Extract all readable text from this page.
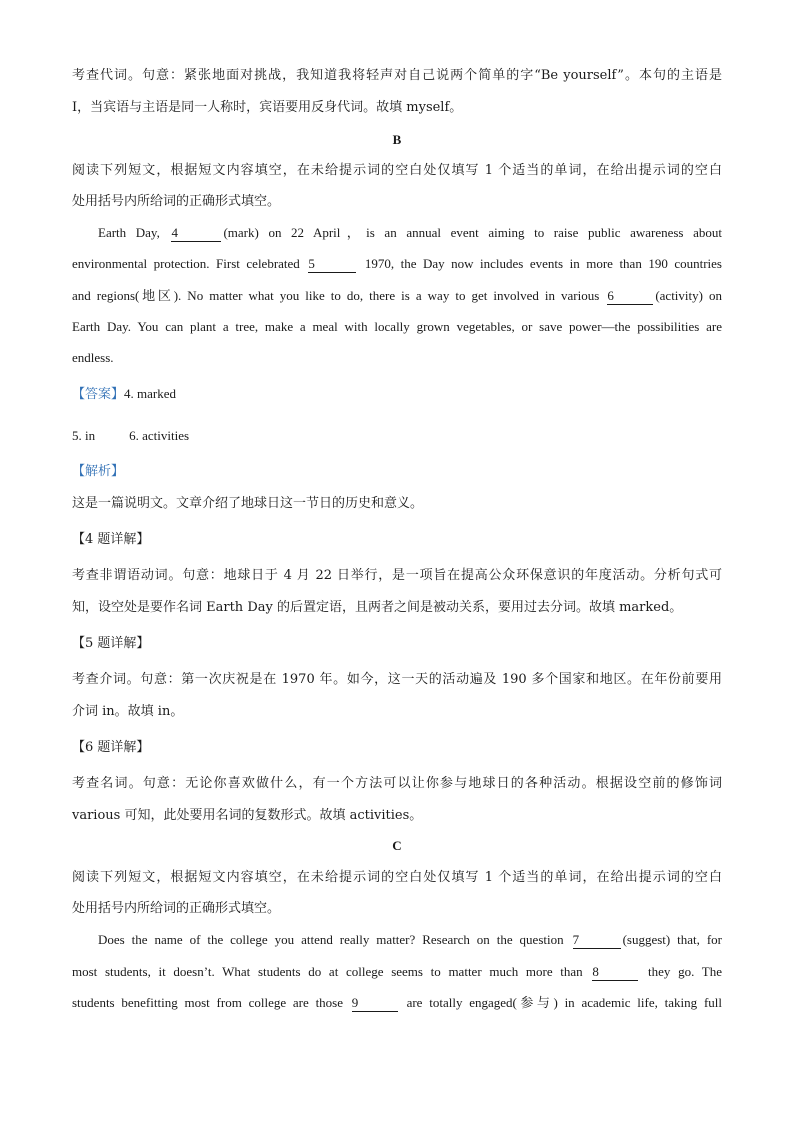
考查代词。句意：紧张地面对挑战，我知道我将轻声对自己说两个简单的字“Be yourself”。本句的主语是
I，当宾语与主语是同一人称时，宾语要用反身代词。故填 myself。
B
阅读下列短文，根据短文内容填空，在未给提示词的空白处仅填写 1 个适当的单词，在给出提示词的空白
处用括号内所给词的正确形式填空。
Earth Day, 4	(mark) on 22 April，is an annual event aiming to raise public awareness about
environmental protection. First celebrated 5	1970, the Day now includes events in more than 190 countries
and regions(地区). No matter what you like to do, there is a way to get involved in various 6	(activity) on
Earth Day. You can plant a tree, make a meal with locally grown vegetables, or save power—the possibilities are
endless.
【答案】4. marked
5. in	6. activities
【解析】
这是一篇说明文。文章介绍了地球日这一节日的历史和意义。
【4 题详解】
考查非谓语动词。句意：地球日于 4 月 22 日举行，是一项旨在提高公众环保意识的年度活动。分析句式可
知，设空处是要作名词 Earth Day 的后置定语，且两者之间是被动关系，要用过去分词。故填 marked。
【5 题详解】
考查介词。句意：第一次庆祝是在 1970 年。如今，这一天的活动遍及 190 多个国家和地区。在年份前要用
介词 in。故填 in。
【6 题详解】
考查名词。句意：无论你喜欢做什么，有一个方法可以让你参与地球日的各种活动。根据设空前的修饰词
various 可知，此处要用名词的复数形式。故填 activities。
C
阅读下列短文，根据短文内容填空，在未给提示词的空白处仅填写 1 个适当的单词，在给出提示词的空白
处用括号内所给词的正确形式填空。
Does the name of the college you attend really matter? Research on the question 7	(suggest) that, for
most students, it doesn’t. What students do at college seems to matter much more than 8	they go. The
students benefitting most from college are those 9	are totally engaged(参与) in academic life, taking full
